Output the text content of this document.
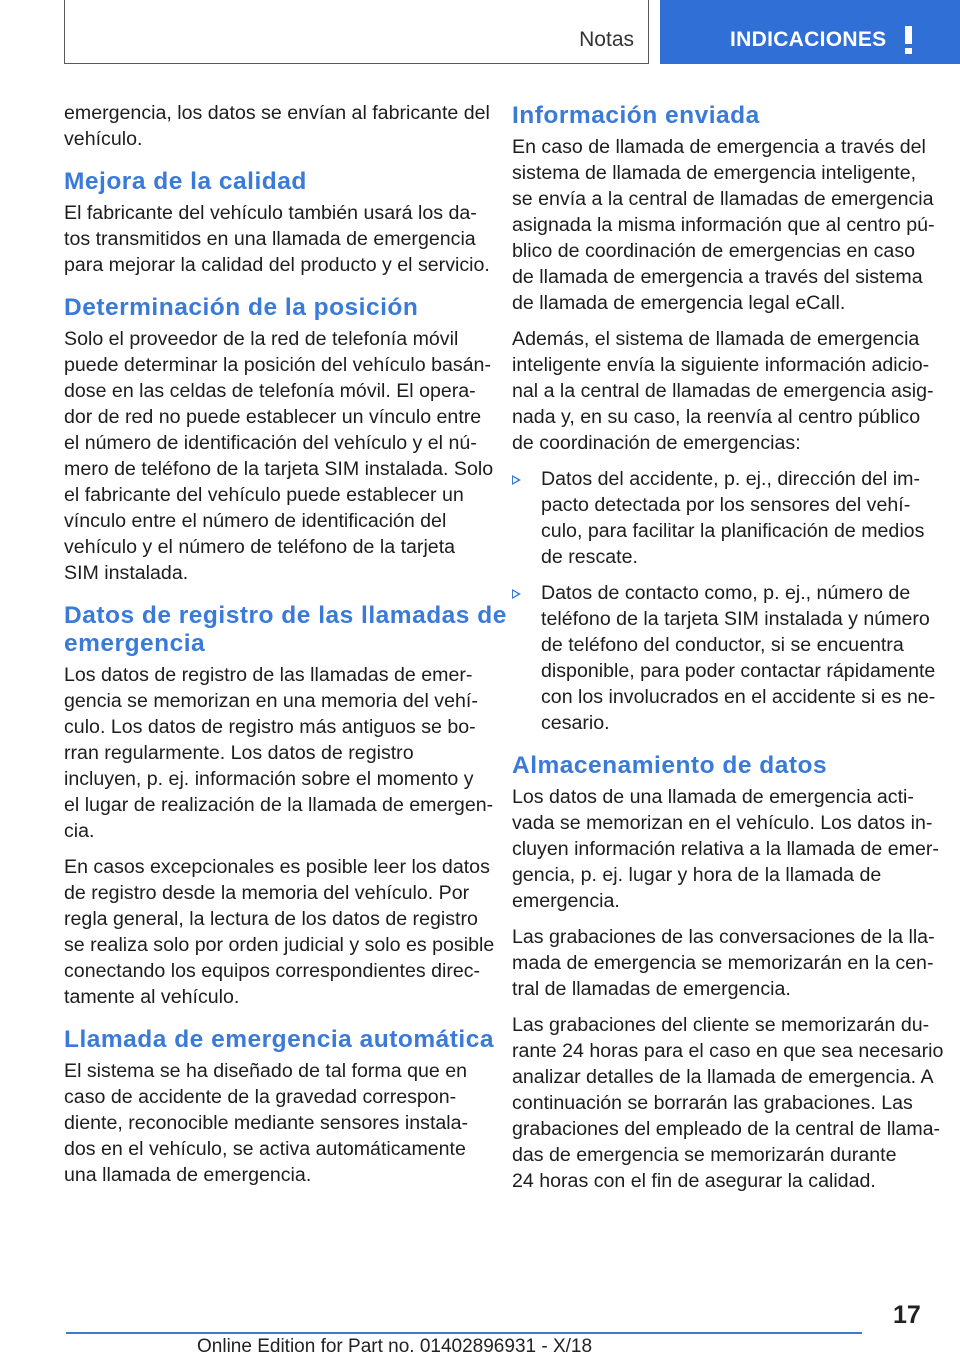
Notas	INDICACIONES

emergencia, los datos se envían al fabricante del
vehículo.

Mejora de la calidad

El fabricante del vehículo también usará los da‐
tos transmitidos en una llamada de emergencia
para mejorar la calidad del producto y el servicio.

Determinación de la posición

Solo el proveedor de la red de telefonía móvil
puede determinar la posición del vehículo basán‐
dose en las celdas de telefonía móvil. El opera‐
dor de red no puede establecer un vínculo entre
el número de identificación del vehículo y el nú‐
mero de teléfono de la tarjeta SIM instalada. Solo
el fabricante del vehículo puede establecer un
vínculo entre el número de identificación del
vehículo y el número de teléfono de la tarjeta
SIM instalada.

Datos de registro de las llamadas de
emergencia

Los datos de registro de las llamadas de emer‐
gencia se memorizan en una memoria del vehí‐
culo. Los datos de registro más antiguos se bo‐
rran regularmente. Los datos de registro
incluyen, p. ej. información sobre el momento y
el lugar de realización de la llamada de emergen‐
cia.

En casos excepcionales es posible leer los datos
de registro desde la memoria del vehículo. Por
regla general, la lectura de los datos de registro
se realiza solo por orden judicial y solo es posible
conectando los equipos correspondientes direc‐
tamente al vehículo.

Llamada de emergencia automática

El sistema se ha diseñado de tal forma que en
caso de accidente de la gravedad correspon‐
diente, reconocible mediante sensores instala‐
dos en el vehículo, se activa automáticamente
una llamada de emergencia.

Información enviada

En caso de llamada de emergencia a través del
sistema de llamada de emergencia inteligente,
se envía a la central de llamadas de emergencia
asignada la misma información que al centro pú‐
blico de coordinación de emergencias en caso
de llamada de emergencia a través del sistema
de llamada de emergencia legal eCall.

Además, el sistema de llamada de emergencia
inteligente envía la siguiente información adicio‐
nal a la central de llamadas de emergencia asig‐
nada y, en su caso, la reenvía al centro público
de coordinación de emergencias:

Datos del accidente, p. ej., dirección del im‐
pacto detectada por los sensores del vehí‐
culo, para facilitar la planificación de medios
de rescate.
Datos de contacto como, p. ej., número de
teléfono de la tarjeta SIM instalada y número
de teléfono del conductor, si se encuentra
disponible, para poder contactar rápidamente
con los involucrados en el accidente si es ne‐
cesario.
Almacenamiento de datos

Los datos de una llamada de emergencia acti‐
vada se memorizan en el vehículo. Los datos in‐
cluyen información relativa a la llamada de emer‐
gencia, p. ej. lugar y hora de la llamada de
emergencia.

Las grabaciones de las conversaciones de la lla‐
mada de emergencia se memorizarán en la cen‐
tral de llamadas de emergencia.

Las grabaciones del cliente se memorizarán du‐
rante 24 horas para el caso en que sea necesario
analizar detalles de la llamada de emergencia. A
continuación se borrarán las grabaciones. Las
grabaciones del empleado de la central de llama‐
das de emergencia se memorizarán durante
24 horas con el fin de asegurar la calidad.

17
Online Edition for Part no. 01402896931 - X/18
